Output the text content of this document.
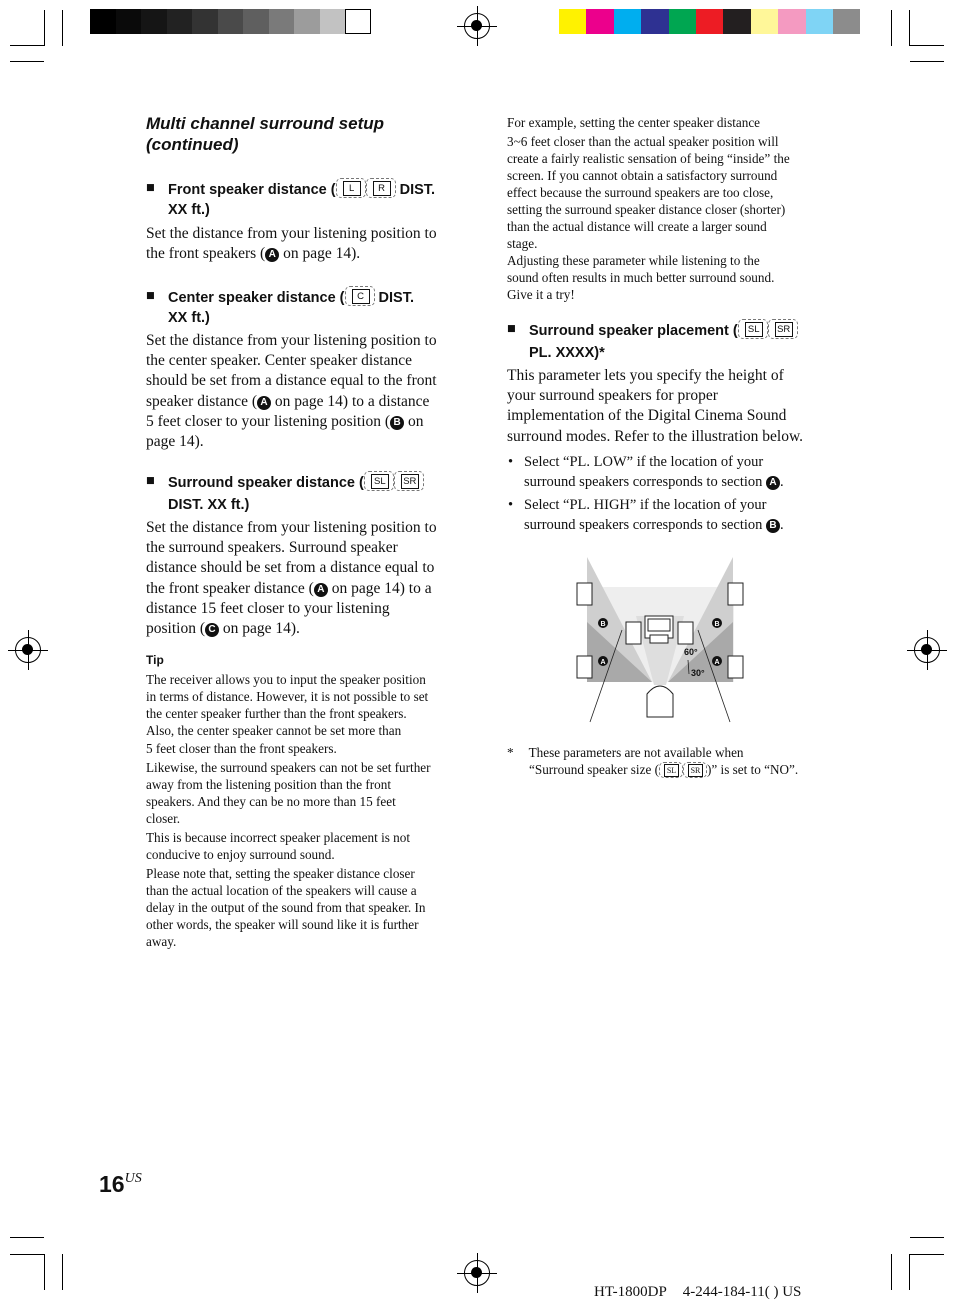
Multi channel surround setup
(continued)
■ Front speaker distance (	L	R DIST.
XX ft.)
Set the distance from your listening position to
the front speakers ( A on page 14).
■ Center speaker distance (	C DIST.
XX ft.)
Set the distance from your listening position to
the center speaker. Center speaker distance
should be set from a distance equal to the front
speaker distance ( A on page 14) to a distance
5 feet closer to your listening position ( B on
page 14).
■ Surround speaker distance (	SL	SR
DIST. XX ft.)
Set the distance from your listening position to
the surround speakers. Surround speaker
distance should be set from a distance equal to
the front speaker distance ( A on page 14) to a
distance 15 feet closer to your listening
position ( C on page 14).
Tip
The receiver allows you to input the speaker position
in terms of distance. However, it is not possible to set
the center speaker further than the front speakers.
Also, the center speaker cannot be set more than
5 feet closer than the front speakers.
Likewise, the surround speakers can not be set further
away from the listening position than the front
speakers. And they can be no more than 15 feet
closer.
This is because incorrect speaker placement is not
conducive to enjoy surround sound.
Please note that, setting the speaker distance closer
than the actual location of the speakers will cause a
delay in the output of the sound from that speaker. In
other words, the speaker will sound like it is further
away.
For example, setting the center speaker distance
3~6 feet closer than the actual speaker position will
create a fairly realistic sensation of being “inside” the
screen. If you cannot obtain a satisfactory surround
effect because the surround speakers are too close,
setting the surround speaker distance closer (shorter)
than the actual distance will create a larger sound
stage.
Adjusting these parameter while listening to the
sound often results in much better surround sound.
Give it a try!
■ Surround speaker placement (	SL	SR
PL. XXXX)*
This parameter lets you specify the height of
your surround speakers for proper
implementation of the Digital Cinema Sound
surround modes. Refer to the illustration below.
• Select “PL. LOW” if the location of your
surround speakers corresponds to section A .
• Select “PL. HIGH” if the location of your
surround speakers corresponds to section B .
B	B
A	A
60°
30°
* These parameters are not available when
“Surround speaker size ( SL	SR )” is set to “NO”.
$16^{US}$
HT-1800DP 4-244-184-11( ) US
